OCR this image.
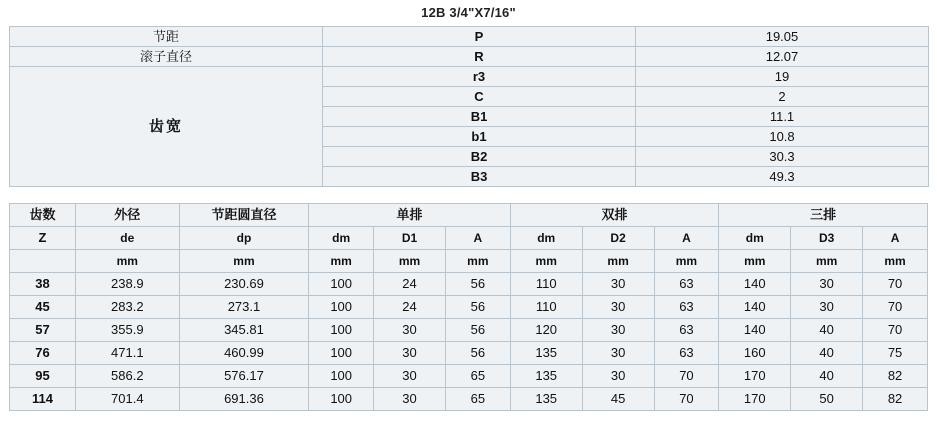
12B 3/4"X7/16"
节距	P	19.05
滚子直径	R	12.07
齿宽	r3	19
	C	2
	B1	11.1
	b1	10.8
	B2	30.3
	B3	49.3
齿数	外径	节距圆直径	单排			双排			三排		
Z	de	dp	dm	D1	A	dm	D2	A	dm	D3	A
	mm	mm	mm	mm	mm	mm	mm	mm	mm	mm	mm
38	238.9	230.69	100	24	56	110	30	63	140	30	70
45	283.2	273.1	100	24	56	110	30	63	140	30	70
57	355.9	345.81	100	30	56	120	30	63	140	40	70
76	471.1	460.99	100	30	56	135	30	63	160	40	75
95	586.2	576.17	100	30	65	135	30	70	170	40	82
114	701.4	691.36	100	30	65	135	45	70	170	50	82
